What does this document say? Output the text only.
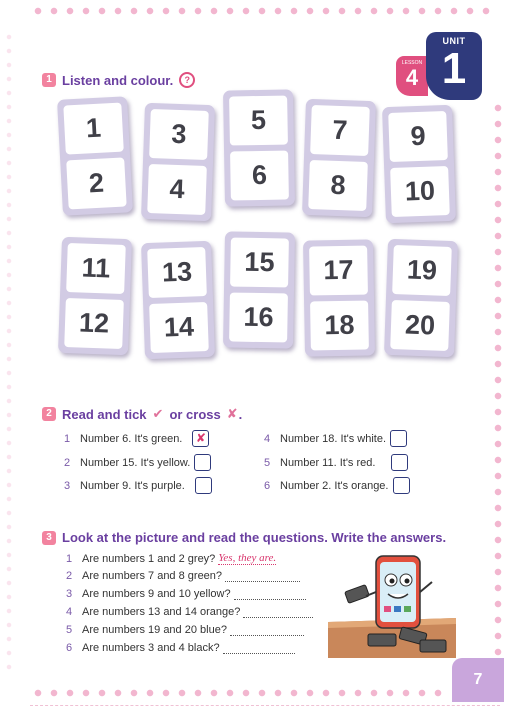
LESSON
4
UNIT
1
1 Listen and colour.	?
1
2
3
4
5
6
7
8
9
10
11
12
13
14
15
16
17
18
19
20
2 Read and tick ✔ or cross ✘ .
1 Number 6. It's green. ✘
2 Number 15. It's yellow.
3 Number 9. It's purple.
4 Number 18. It's white.
5 Number 11. It's red.
6 Number 2. It's orange.
3 Look at the picture and read the questions. Write the answers.
1 Are numbers 1 and 2 grey? Yes, they are.
2 Are numbers 7 and 8 green?
3 Are numbers 9 and 10 yellow?
4 Are numbers 13 and 14 orange?
5 Are numbers 19 and 20 blue?
6 Are numbers 3 and 4 black?
7
